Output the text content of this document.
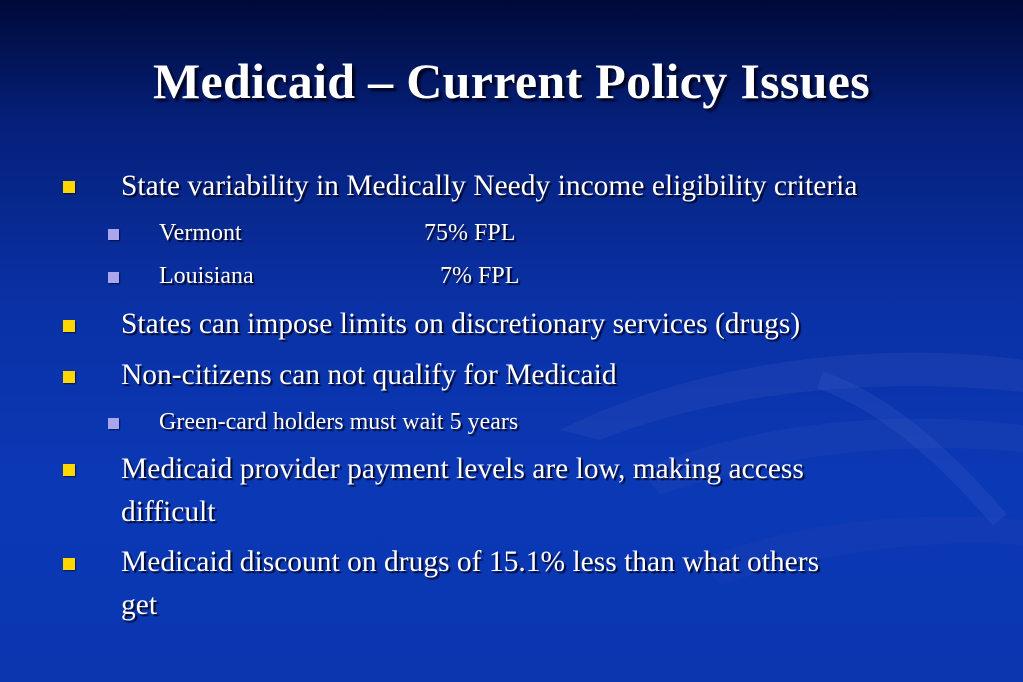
Medicaid – Current Policy Issues
State variability in Medically Needy income eligibility criteria
Vermont	75% FPL
Louisiana	7% FPL
States can impose limits on discretionary services (drugs)
Non-citizens can not qualify for Medicaid
Green-card holders must wait 5 years
Medicaid provider payment levels are low, making access
difficult
Medicaid discount on drugs of 15.1% less than what others
get
